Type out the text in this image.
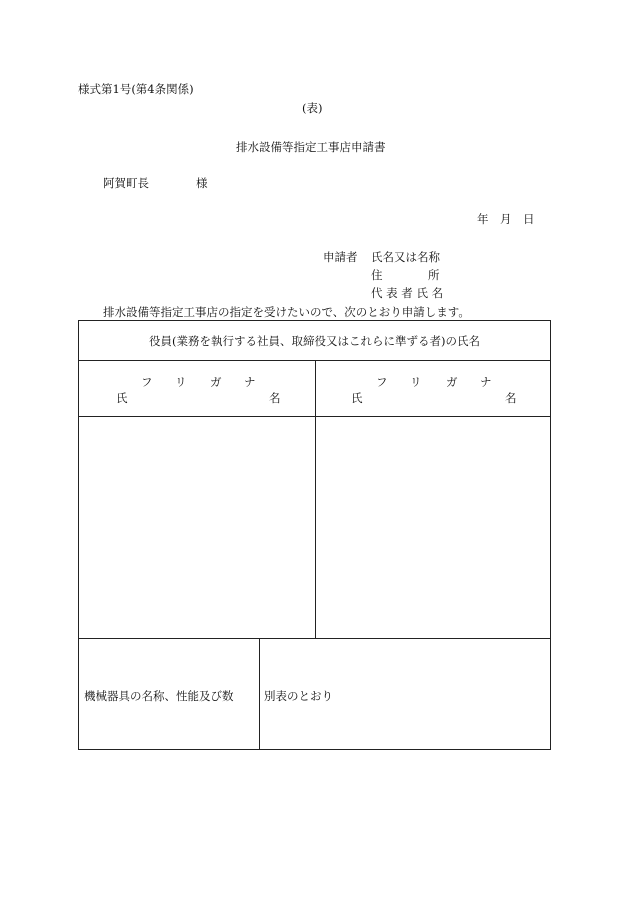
様式第1号(第4条関係)
(表)
排水設備等指定工事店申請書
阿賀町長	様
年 月 日
申請者 氏名又は名称
住	所
代 表 者 氏 名
排水設備等指定工事店の指定を受けたいので、次のとおり申請します。
役員(業務を執行する社員、取締役又はこれらに準ずる者)の氏名
フ リ ガ ナ
氏	名
フ リ ガ ナ
氏	名
機械器具の名称、性能及び数	別表のとおり
